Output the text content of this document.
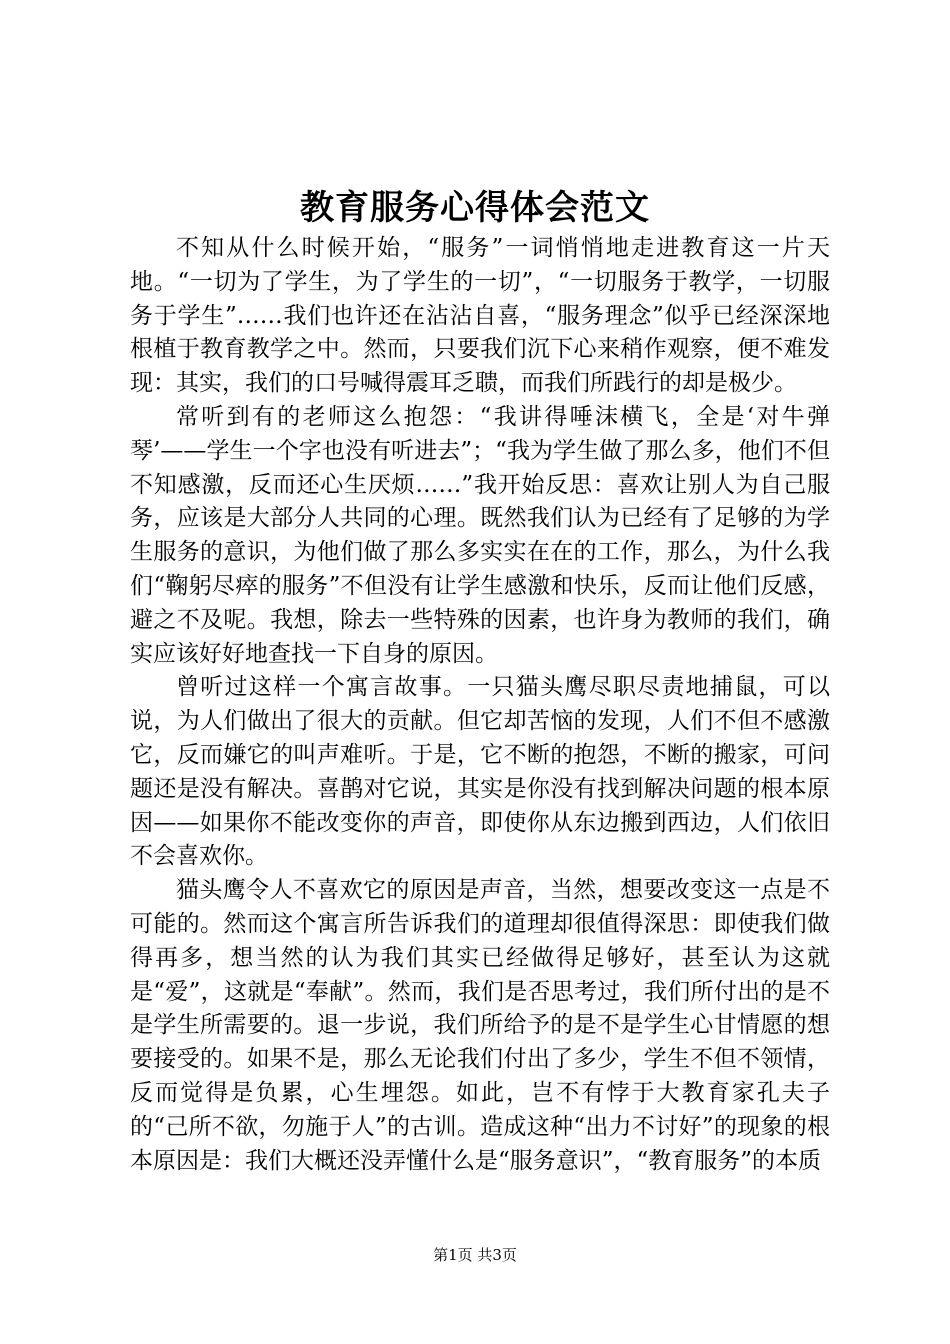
教育服务心得体会范文

不知从什么时候开始，“服务”一词悄悄地走进教育这一片天地。“一切为了学生，为了学生的一切”，“一切服务于教学，一切服务于学生”……我们也许还在沾沾自喜，“服务理念”似乎已经深深地根植于教育教学之中。然而，只要我们沉下心来稍作观察，便不难发现：其实，我们的口号喊得震耳乏聩，而我们所践行的却是极少。

常听到有的老师这么抱怨：“我讲得唾沫横飞，全是‘对牛弹琴’——学生一个字也没有听进去”；“我为学生做了那么多，他们不但不知感激，反而还心生厌烦……”我开始反思：喜欢让别人为自己服务，应该是大部分人共同的心理。既然我们认为已经有了足够的为学生服务的意识，为他们做了那么多实实在在的工作，那么，为什么我们“鞠躬尽瘁的服务”不但没有让学生感激和快乐，反而让他们反感，避之不及呢。我想，除去一些特殊的因素，也许身为教师的我们，确实应该好好地查找一下自身的原因。

曾听过这样一个寓言故事。一只猫头鹰尽职尽责地捕鼠，可以说，为人们做出了很大的贡献。但它却苦恼的发现，人们不但不感激它，反而嫌它的叫声难听。于是，它不断的抱怨，不断的搬家，可问题还是没有解决。喜鹊对它说，其实是你没有找到解决问题的根本原因——如果你不能改变你的声音，即使你从东边搬到西边，人们依旧不会喜欢你。

猫头鹰令人不喜欢它的原因是声音，当然，想要改变这一点是不可能的。然而这个寓言所告诉我们的道理却很值得深思：即使我们做得再多，想当然的认为我们其实已经做得足够好，甚至认为这就是“爱”，这就是“奉献”。然而，我们是否思考过，我们所付出的是不是学生所需要的。退一步说，我们所给予的是不是学生心甘情愿的想要接受的。如果不是，那么无论我们付出了多少，学生不但不领情，反而觉得是负累，心生埋怨。如此，岂不有悖于大教育家孔夫子的“己所不欲，勿施于人”的古训。造成这种“出力不讨好”的现象的根本原因是：我们大概还没弄懂什么是“服务意识”，“教育服务”的本质

第1页 共3页
